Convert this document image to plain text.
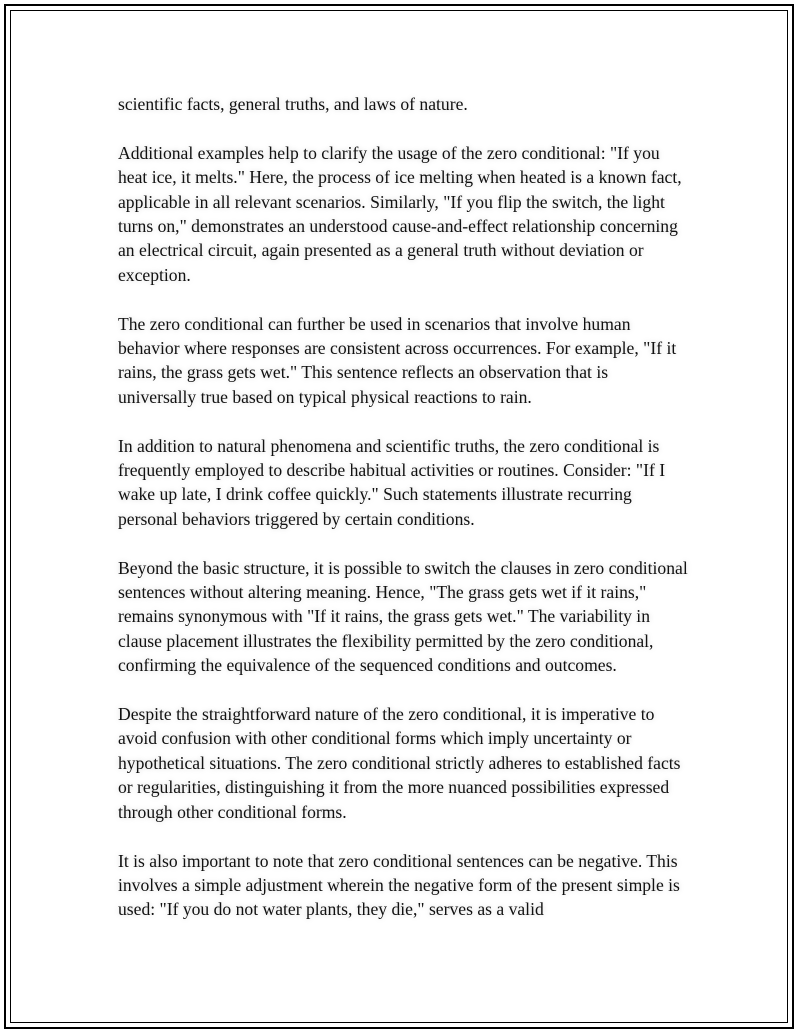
scientific facts, general truths, and laws of nature.

Additional examples help to clarify the usage of the zero conditional: "If you heat ice, it melts." Here, the process of ice melting when heated is a known fact, applicable in all relevant scenarios. Similarly, "If you flip the switch, the light turns on," demonstrates an understood cause-and-effect relationship concerning an electrical circuit, again presented as a general truth without deviation or exception.

The zero conditional can further be used in scenarios that involve human behavior where responses are consistent across occurrences. For example, "If it rains, the grass gets wet." This sentence reflects an observation that is universally true based on typical physical reactions to rain.

In addition to natural phenomena and scientific truths, the zero conditional is frequently employed to describe habitual activities or routines. Consider: "If I wake up late, I drink coffee quickly." Such statements illustrate recurring personal behaviors triggered by certain conditions.

Beyond the basic structure, it is possible to switch the clauses in zero conditional sentences without altering meaning. Hence, "The grass gets wet if it rains," remains synonymous with "If it rains, the grass gets wet." The variability in clause placement illustrates the flexibility permitted by the zero conditional, confirming the equivalence of the sequenced conditions and outcomes.

Despite the straightforward nature of the zero conditional, it is imperative to avoid confusion with other conditional forms which imply uncertainty or hypothetical situations. The zero conditional strictly adheres to established facts or regularities, distinguishing it from the more nuanced possibilities expressed through other conditional forms.

It is also important to note that zero conditional sentences can be negative. This involves a simple adjustment wherein the negative form of the present simple is used: "If you do not water plants, they die," serves as a valid
